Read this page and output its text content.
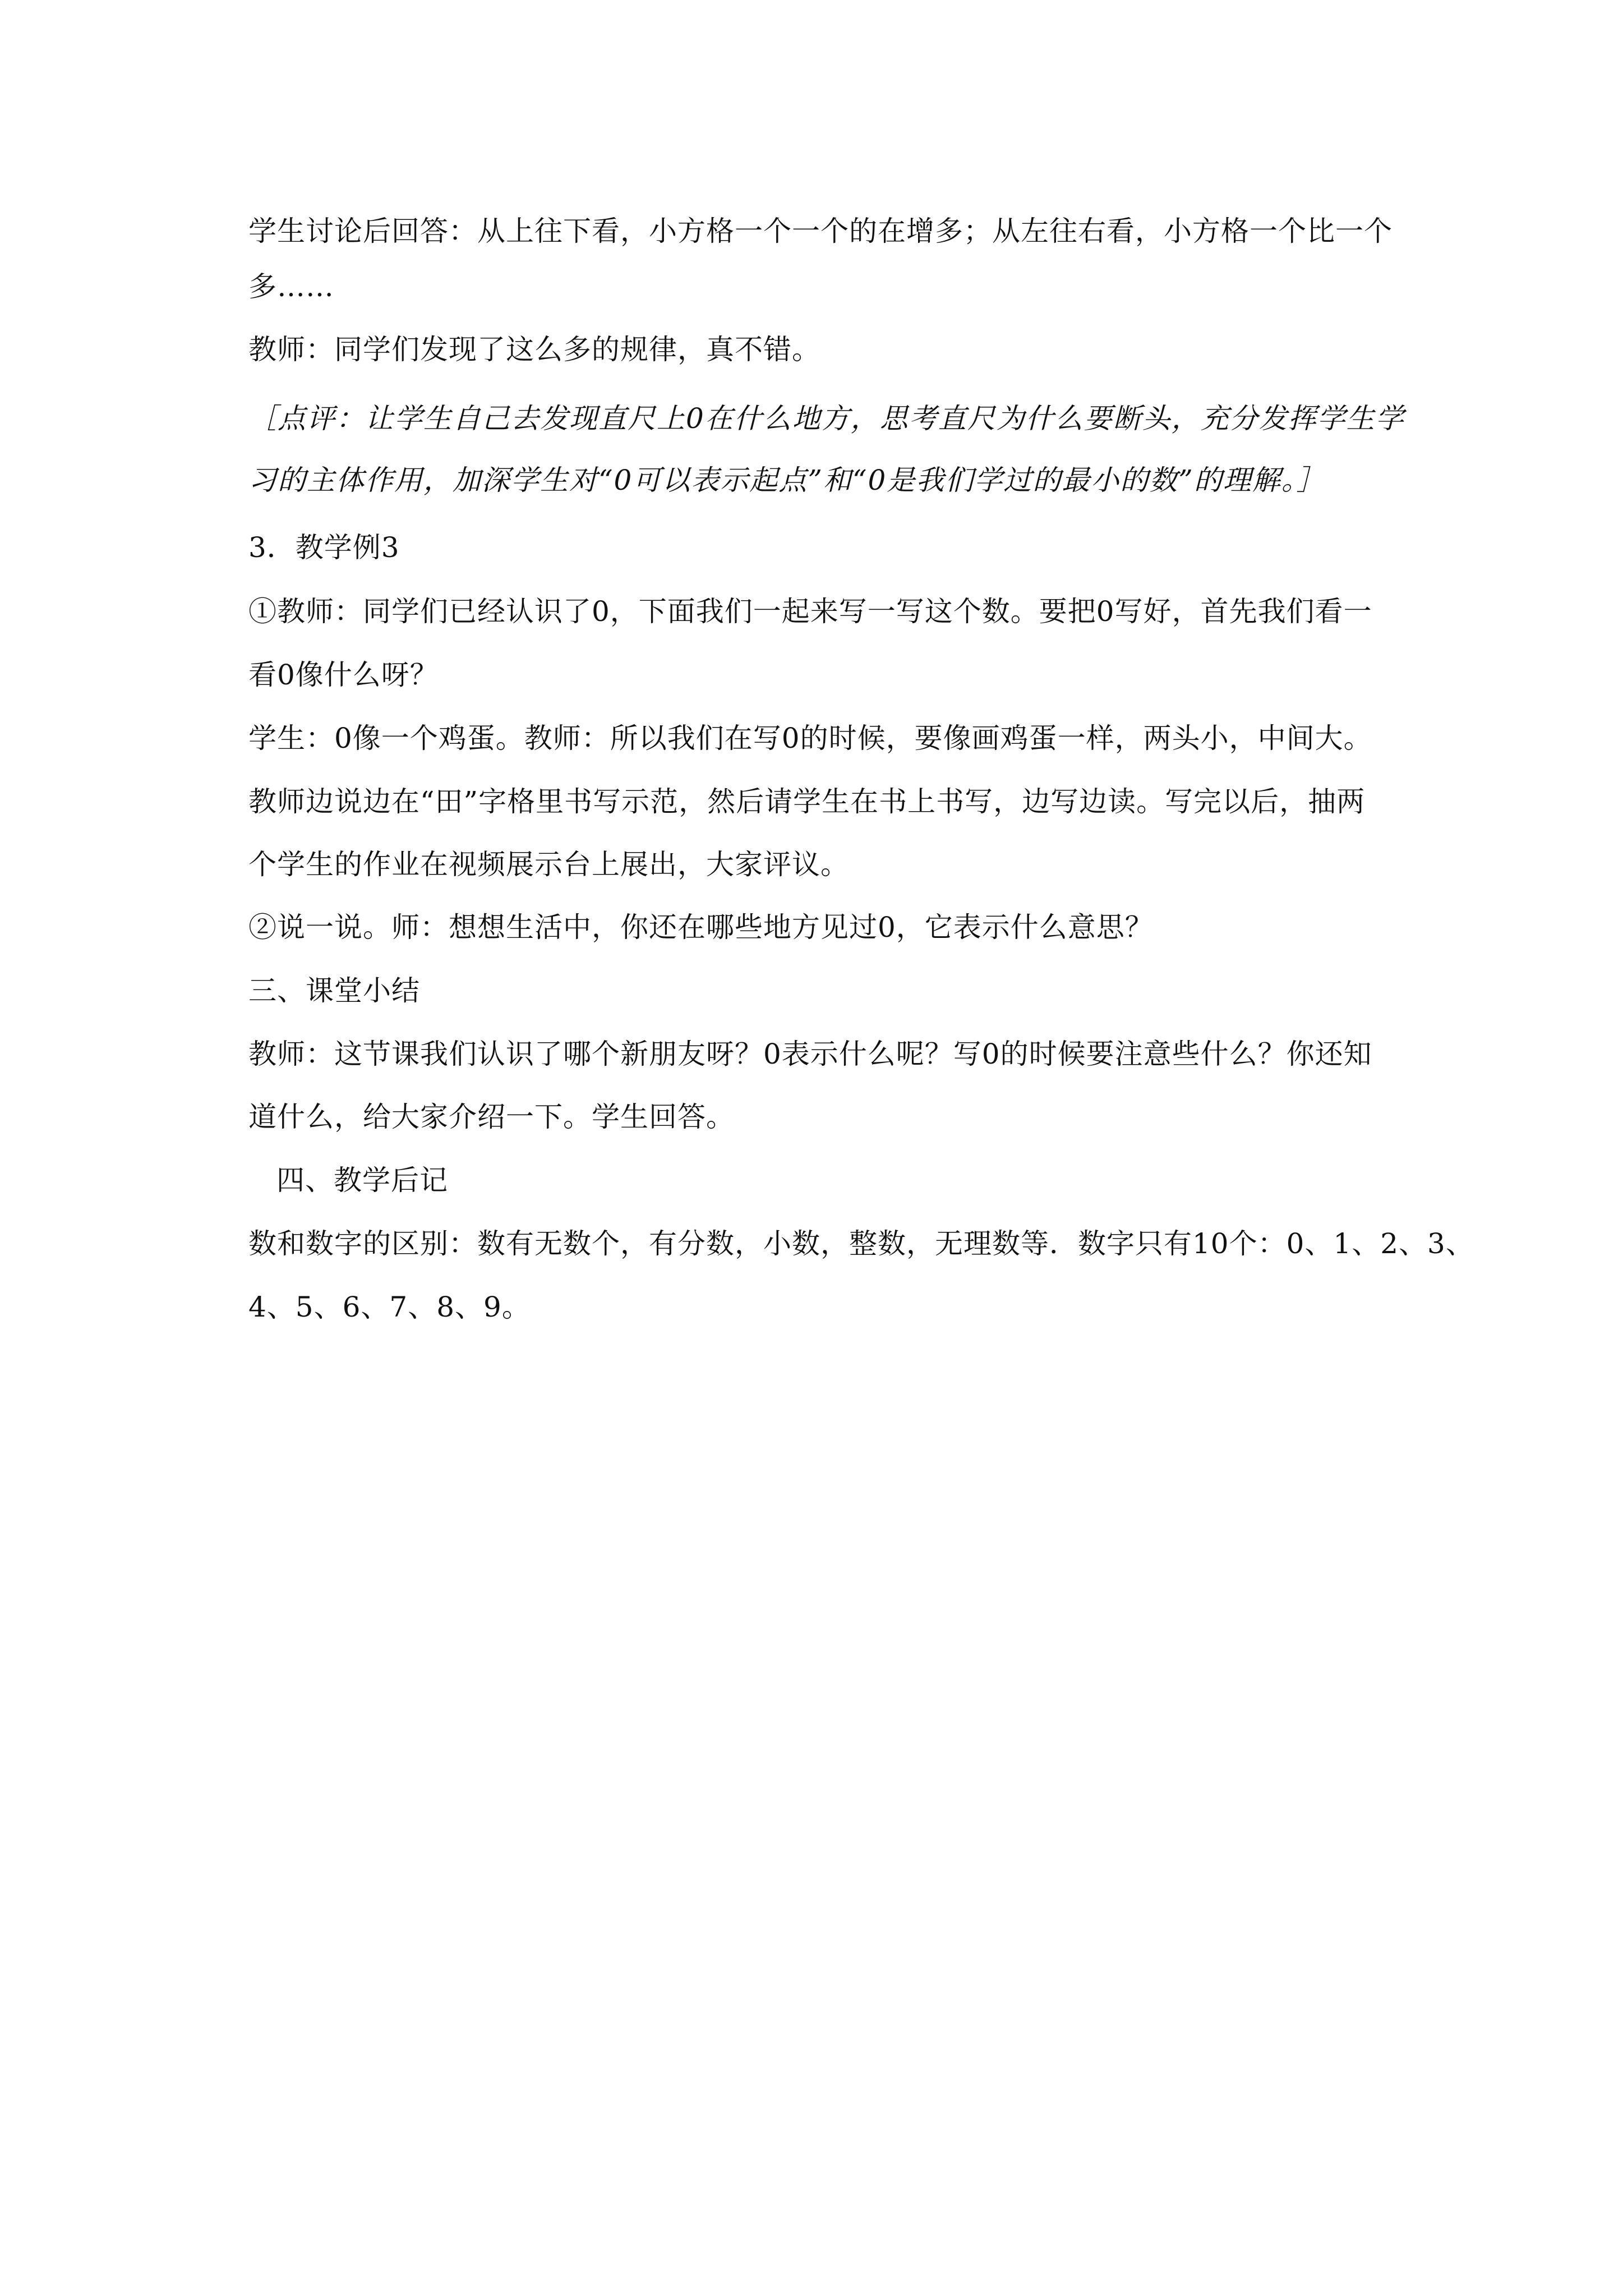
学生讨论后回答：从上往下看，小方格一个一个的在增多；从左往右看，小方格一个比一个
多……
教师：同学们发现了这么多的规律，真不错。
［点评：让学生自己去发现直尺上0在什么地方，思考直尺为什么要断头，充分发挥学生学
习的主体作用，加深学生对“0可以表示起点”和“0是我们学过的最小的数”的理解。］
3．教学例3
①教师：同学们已经认识了0，下面我们一起来写一写这个数。要把0写好，首先我们看一
看0像什么呀？
学生：0像一个鸡蛋。教师：所以我们在写0的时候，要像画鸡蛋一样，两头小，中间大。
教师边说边在“田”字格里书写示范，然后请学生在书上书写，边写边读。写完以后，抽两
个学生的作业在视频展示台上展出，大家评议。
②说一说。师：想想生活中，你还在哪些地方见过0，它表示什么意思？
三、课堂小结
教师：这节课我们认识了哪个新朋友呀？0表示什么呢？写0的时候要注意些什么？你还知
道什么，给大家介绍一下。学生回答。
四、教学后记
数和数字的区别：数有无数个，有分数，小数，整数，无理数等．数字只有10个：0、1、2、3、
4、5、6、7、8、9。
